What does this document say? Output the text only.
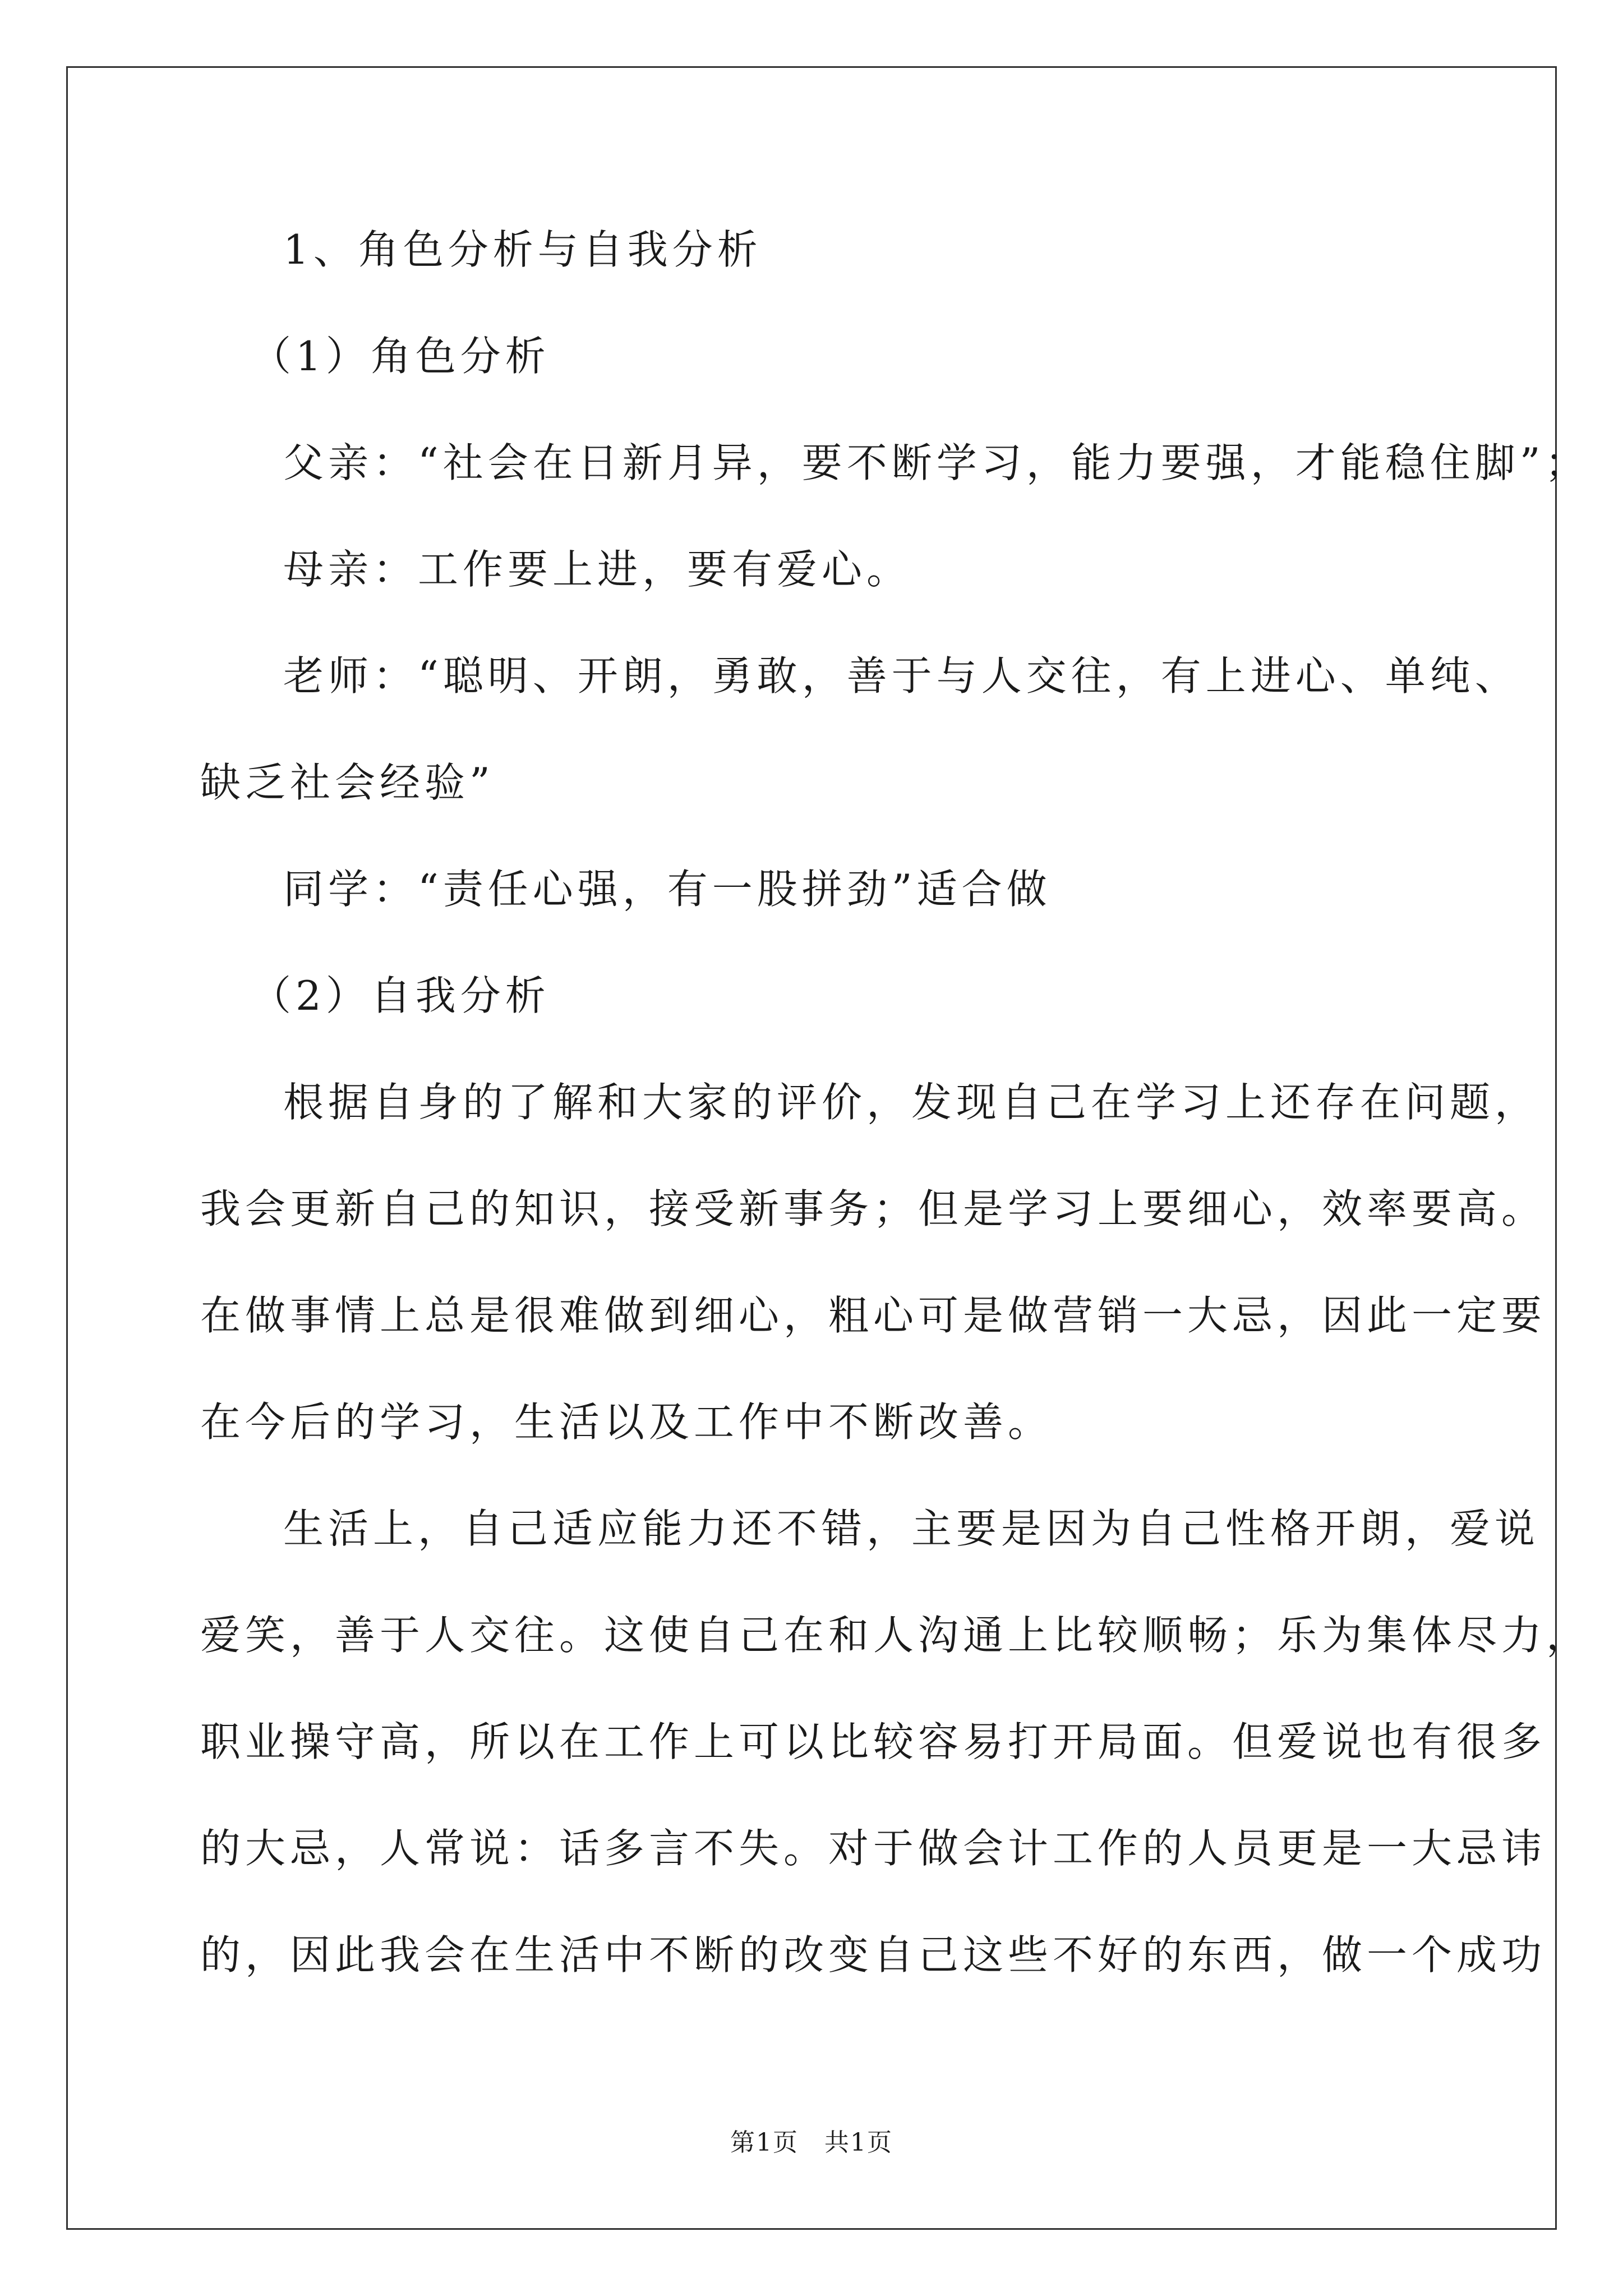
1、角色分析与自我分析
（1）角色分析
父亲：“社会在日新月异，要不断学习，能力要强，才能稳住脚”；
母亲：工作要上进，要有爱心。
老师：“聪明、开朗，勇敢，善于与人交往，有上进心、单纯、
缺乏社会经验”
同学：“责任心强，有一股拼劲”适合做
（2）自我分析
根据自身的了解和大家的评价，发现自己在学习上还存在问题，
我会更新自己的知识，接受新事务；但是学习上要细心，效率要高。
在做事情上总是很难做到细心，粗心可是做营销一大忌，因此一定要
在今后的学习，生活以及工作中不断改善。
生活上，自己适应能力还不错，主要是因为自己性格开朗，爱说
爱笑，善于人交往。这使自己在和人沟通上比较顺畅；乐为集体尽力，
职业操守高，所以在工作上可以比较容易打开局面。但爱说也有很多
的大忌，人常说：话多言不失。对于做会计工作的人员更是一大忌讳
的，因此我会在生活中不断的改变自己这些不好的东西，做一个成功
第1页　共1页
